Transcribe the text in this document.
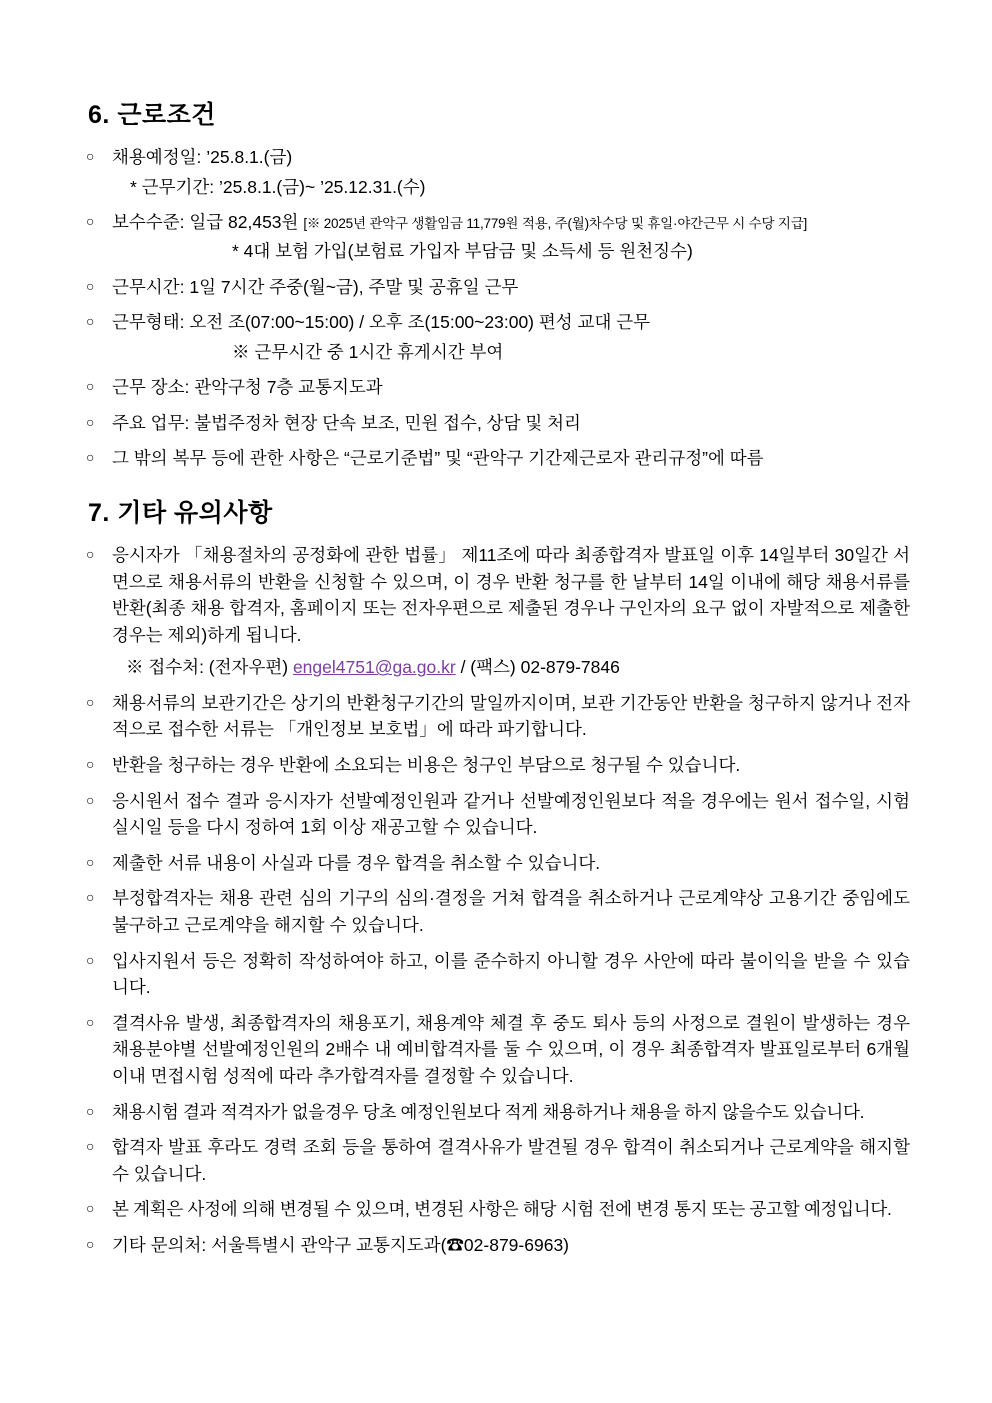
6. 근로조건
○ 채용예정일: ’25.8.1.(금)
* 근무기간: ’25.8.1.(금)~ ’25.12.31.(수)
○ 보수수준: 일급 82,453원 [※ 2025년 관악구 생활임금 11,779원 적용, 주(월)차수당 및 휴일·야간근무 시 수당 지급]
* 4대 보험 가입(보험료 가입자 부담금 및 소득세 등 원천징수)
○ 근무시간: 1일 7시간 주중(월~금), 주말 및 공휴일 근무
○ 근무형태: 오전 조(07:00~15:00) / 오후 조(15:00~23:00) 편성 교대 근무
※ 근무시간 중 1시간 휴게시간 부여
○ 근무 장소: 관악구청 7층 교통지도과
○ 주요 업무: 불법주정차 현장 단속 보조, 민원 접수, 상담 및 처리
○ 그 밖의 복무 등에 관한 사항은 “근로기준법” 및 “관악구 기간제근로자 관리규정”에 따름
7. 기타 유의사항
○ 응시자가 「채용절차의 공정화에 관한 법률」 제11조에 따라 최종합격자 발표일 이후 14일부터 30일간 서면으로 채용서류의 반환을 신청할 수 있으며, 이 경우 반환 청구를 한 날부터 14일 이내에 해당 채용서류를 반환(최종 채용 합격자, 홈페이지 또는 전자우편으로 제출된 경우나 구인자의 요구 없이 자발적으로 제출한 경우는 제외)하게 됩니다.
※ 접수처: (전자우편) engel4751@ga.go.kr / (팩스) 02-879-7846
○ 채용서류의 보관기간은 상기의 반환청구기간의 말일까지이며, 보관 기간동안 반환을 청구하지 않거나 전자적으로 접수한 서류는 「개인정보 보호법」에 따라 파기합니다.
○ 반환을 청구하는 경우 반환에 소요되는 비용은 청구인 부담으로 청구될 수 있습니다.
○ 응시원서 접수 결과 응시자가 선발예정인원과 같거나 선발예정인원보다 적을 경우에는 원서 접수일, 시험 실시일 등을 다시 정하여 1회 이상 재공고할 수 있습니다.
○ 제출한 서류 내용이 사실과 다를 경우 합격을 취소할 수 있습니다.
○ 부정합격자는 채용 관련 심의 기구의 심의·결정을 거쳐 합격을 취소하거나 근로계약상 고용기간 중임에도 불구하고 근로계약을 해지할 수 있습니다.
○ 입사지원서 등은 정확히 작성하여야 하고, 이를 준수하지 아니할 경우 사안에 따라 불이익을 받을 수 있습니다.
○ 결격사유 발생, 최종합격자의 채용포기, 채용계약 체결 후 중도 퇴사 등의 사정으로 결원이 발생하는 경우 채용분야별 선발예정인원의 2배수 내 예비합격자를 둘 수 있으며, 이 경우 최종합격자 발표일로부터 6개월 이내 면접시험 성적에 따라 추가합격자를 결정할 수 있습니다.
○ 채용시험 결과 적격자가 없을경우 당초 예정인원보다 적게 채용하거나 채용을 하지 않을수도 있습니다.
○ 합격자 발표 후라도 경력 조회 등을 통하여 결격사유가 발견될 경우 합격이 취소되거나 근로계약을 해지할 수 있습니다.
○ 본 계획은 사정에 의해 변경될 수 있으며, 변경된 사항은 해당 시험 전에 변경 통지 또는 공고할 예정입니다.
○ 기타 문의처: 서울특별시 관악구 교통지도과(☎02-879-6963)
